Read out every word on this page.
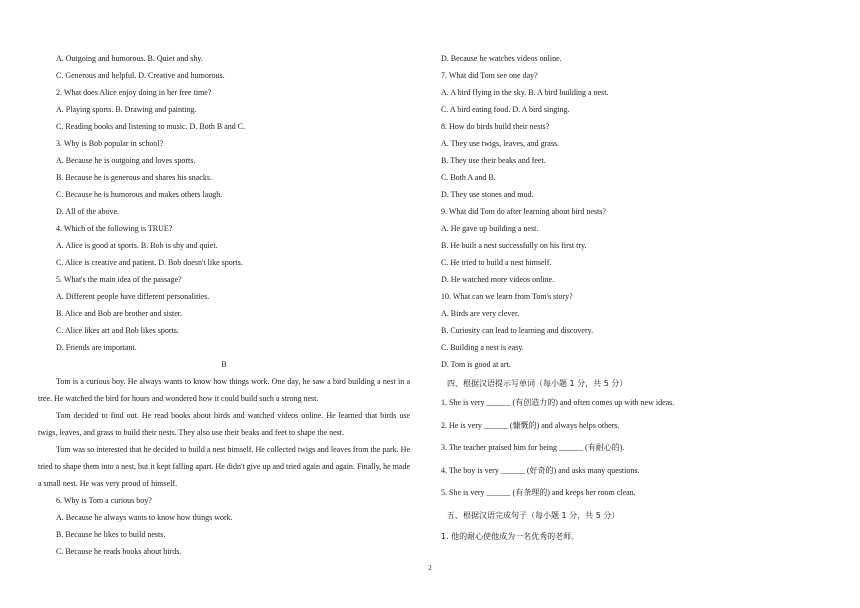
A. Outgoing and humorous. B. Quiet and shy.
C. Generous and helpful. D. Creative and humorous.
2. What does Alice enjoy doing in her free time?
A. Playing sports. B. Drawing and painting.
C. Reading books and listening to music. D. Both B and C.
3. Why is Bob popular in school?
A. Because he is outgoing and loves sports.
B. Because he is generous and shares his snacks.
C. Because he is humorous and makes others laugh.
D. All of the above.
4. Which of the following is TRUE?
A. Alice is good at sports. B. Bob is shy and quiet.
C. Alice is creative and patient. D. Bob doesn't like sports.
5. What's the main idea of the passage?
A. Different people have different personalities.
B. Alice and Bob are brother and sister.
C. Alice likes art and Bob likes sports.
D. Friends are important.
B

Tom is a curious boy. He always wants to know how things work. One day, he saw a bird building a nest in a tree. He watched the bird for hours and wondered how it could build such a strong nest.

Tom decided to find out. He read books about birds and watched videos online. He learned that birds use twigs, leaves, and grass to build their nests. They also use their beaks and feet to shape the nest.

Tom was so interested that he decided to build a nest himself. He collected twigs and leaves from the park. He tried to shape them into a nest, but it kept falling apart. He didn't give up and tried again and again. Finally, he made a small nest. He was very proud of himself.

6. Why is Tom a curious boy?
A. Because he always wants to know how things work.
B. Because he likes to build nests.
C. Because he reads books about birds.
D. Because he watches videos online.
7. What did Tom see one day?
A. A bird flying in the sky. B. A bird building a nest.
C. A bird eating food. D. A bird singing.
8. How do birds build their nests?
A. They use twigs, leaves, and grass.
B. They use their beaks and feet.
C. Both A and B.
D. They use stones and mud.
9. What did Tom do after learning about bird nests?
A. He gave up building a nest.
B. He built a nest successfully on his first try.
C. He tried to build a nest himself.
D. He watched more videos online.
10. What can we learn from Tom's story?
A. Birds are very clever.
B. Curiosity can lead to learning and discovery.
C. Building a nest is easy.
D. Tom is good at art.
四、根据汉语提示写单词（每小题 1 分，共 5 分）
1. She is very ______ (有创造力的) and often comes up with new ideas.
2. He is very ______ (慷慨的) and always helps others.
3. The teacher praised him for being ______ (有耐心的).
4. The boy is very ______ (好奇的) and asks many questions.
5. She is very ______ (有条理的) and keeps her room clean.
五、根据汉语完成句子（每小题 1 分，共 5 分）
1. 他的耐心使他成为一名优秀的老师。
2
